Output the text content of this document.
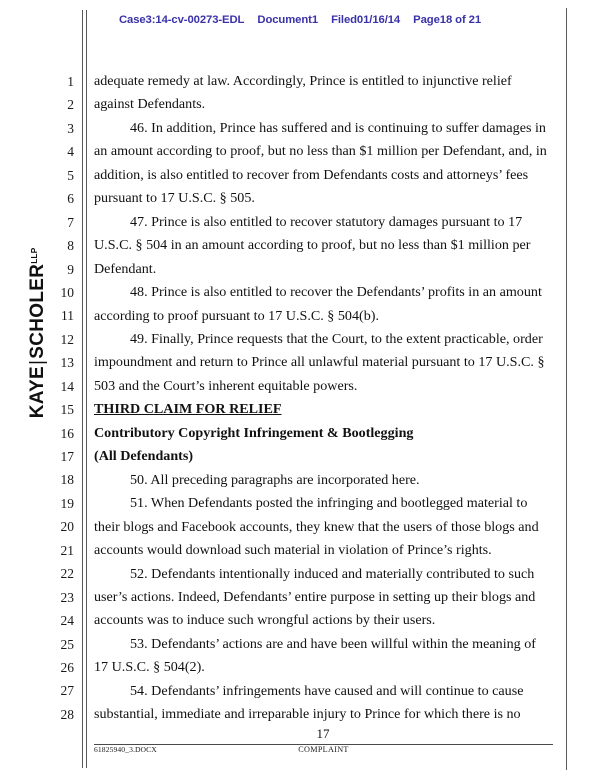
Case3:14-cv-00273-EDL Document1 Filed01/16/14 Page18 of 21
$KAYE|SCHOLER^{LLP}$
1
2
3
4
5
6
7
8
9
10
11
12
13
14
15
16
17
18
19
20
21
22
23
24
25
26
27
28

adequate remedy at law. Accordingly, Prince is entitled to injunctive relief against Defendants.

46. In addition, Prince has suffered and is continuing to suffer damages in an amount according to proof, but no less than $1 million per Defendant, and, in addition, is also entitled to recover from Defendants costs and attorneys’ fees pursuant to 17 U.S.C. § 505.

47. Prince is also entitled to recover statutory damages pursuant to 17 U.S.C. § 504 in an amount according to proof, but no less than $1 million per Defendant.

48. Prince is also entitled to recover the Defendants’ profits in an amount according to proof pursuant to 17 U.S.C. § 504(b).

49. Finally, Prince requests that the Court, to the extent practicable, order impoundment and return to Prince all unlawful material pursuant to 17 U.S.C. § 503 and the Court’s inherent equitable powers.

THIRD CLAIM FOR RELIEF

Contributory Copyright Infringement & Bootlegging

(All Defendants)

50. All preceding paragraphs are incorporated here.

51. When Defendants posted the infringing and bootlegged material to their blogs and Facebook accounts, they knew that the users of those blogs and accounts would download such material in violation of Prince’s rights.

52. Defendants intentionally induced and materially contributed to such user’s actions. Indeed, Defendants’ entire purpose in setting up their blogs and accounts was to induce such wrongful actions by their users.

53. Defendants’ actions are and have been willful within the meaning of 17 U.S.C. § 504(2).

54. Defendants’ infringements have caused and will continue to cause substantial, immediate and irreparable injury to Prince for which there is no

17
61825940_3.DOCX	COMPLAINT
